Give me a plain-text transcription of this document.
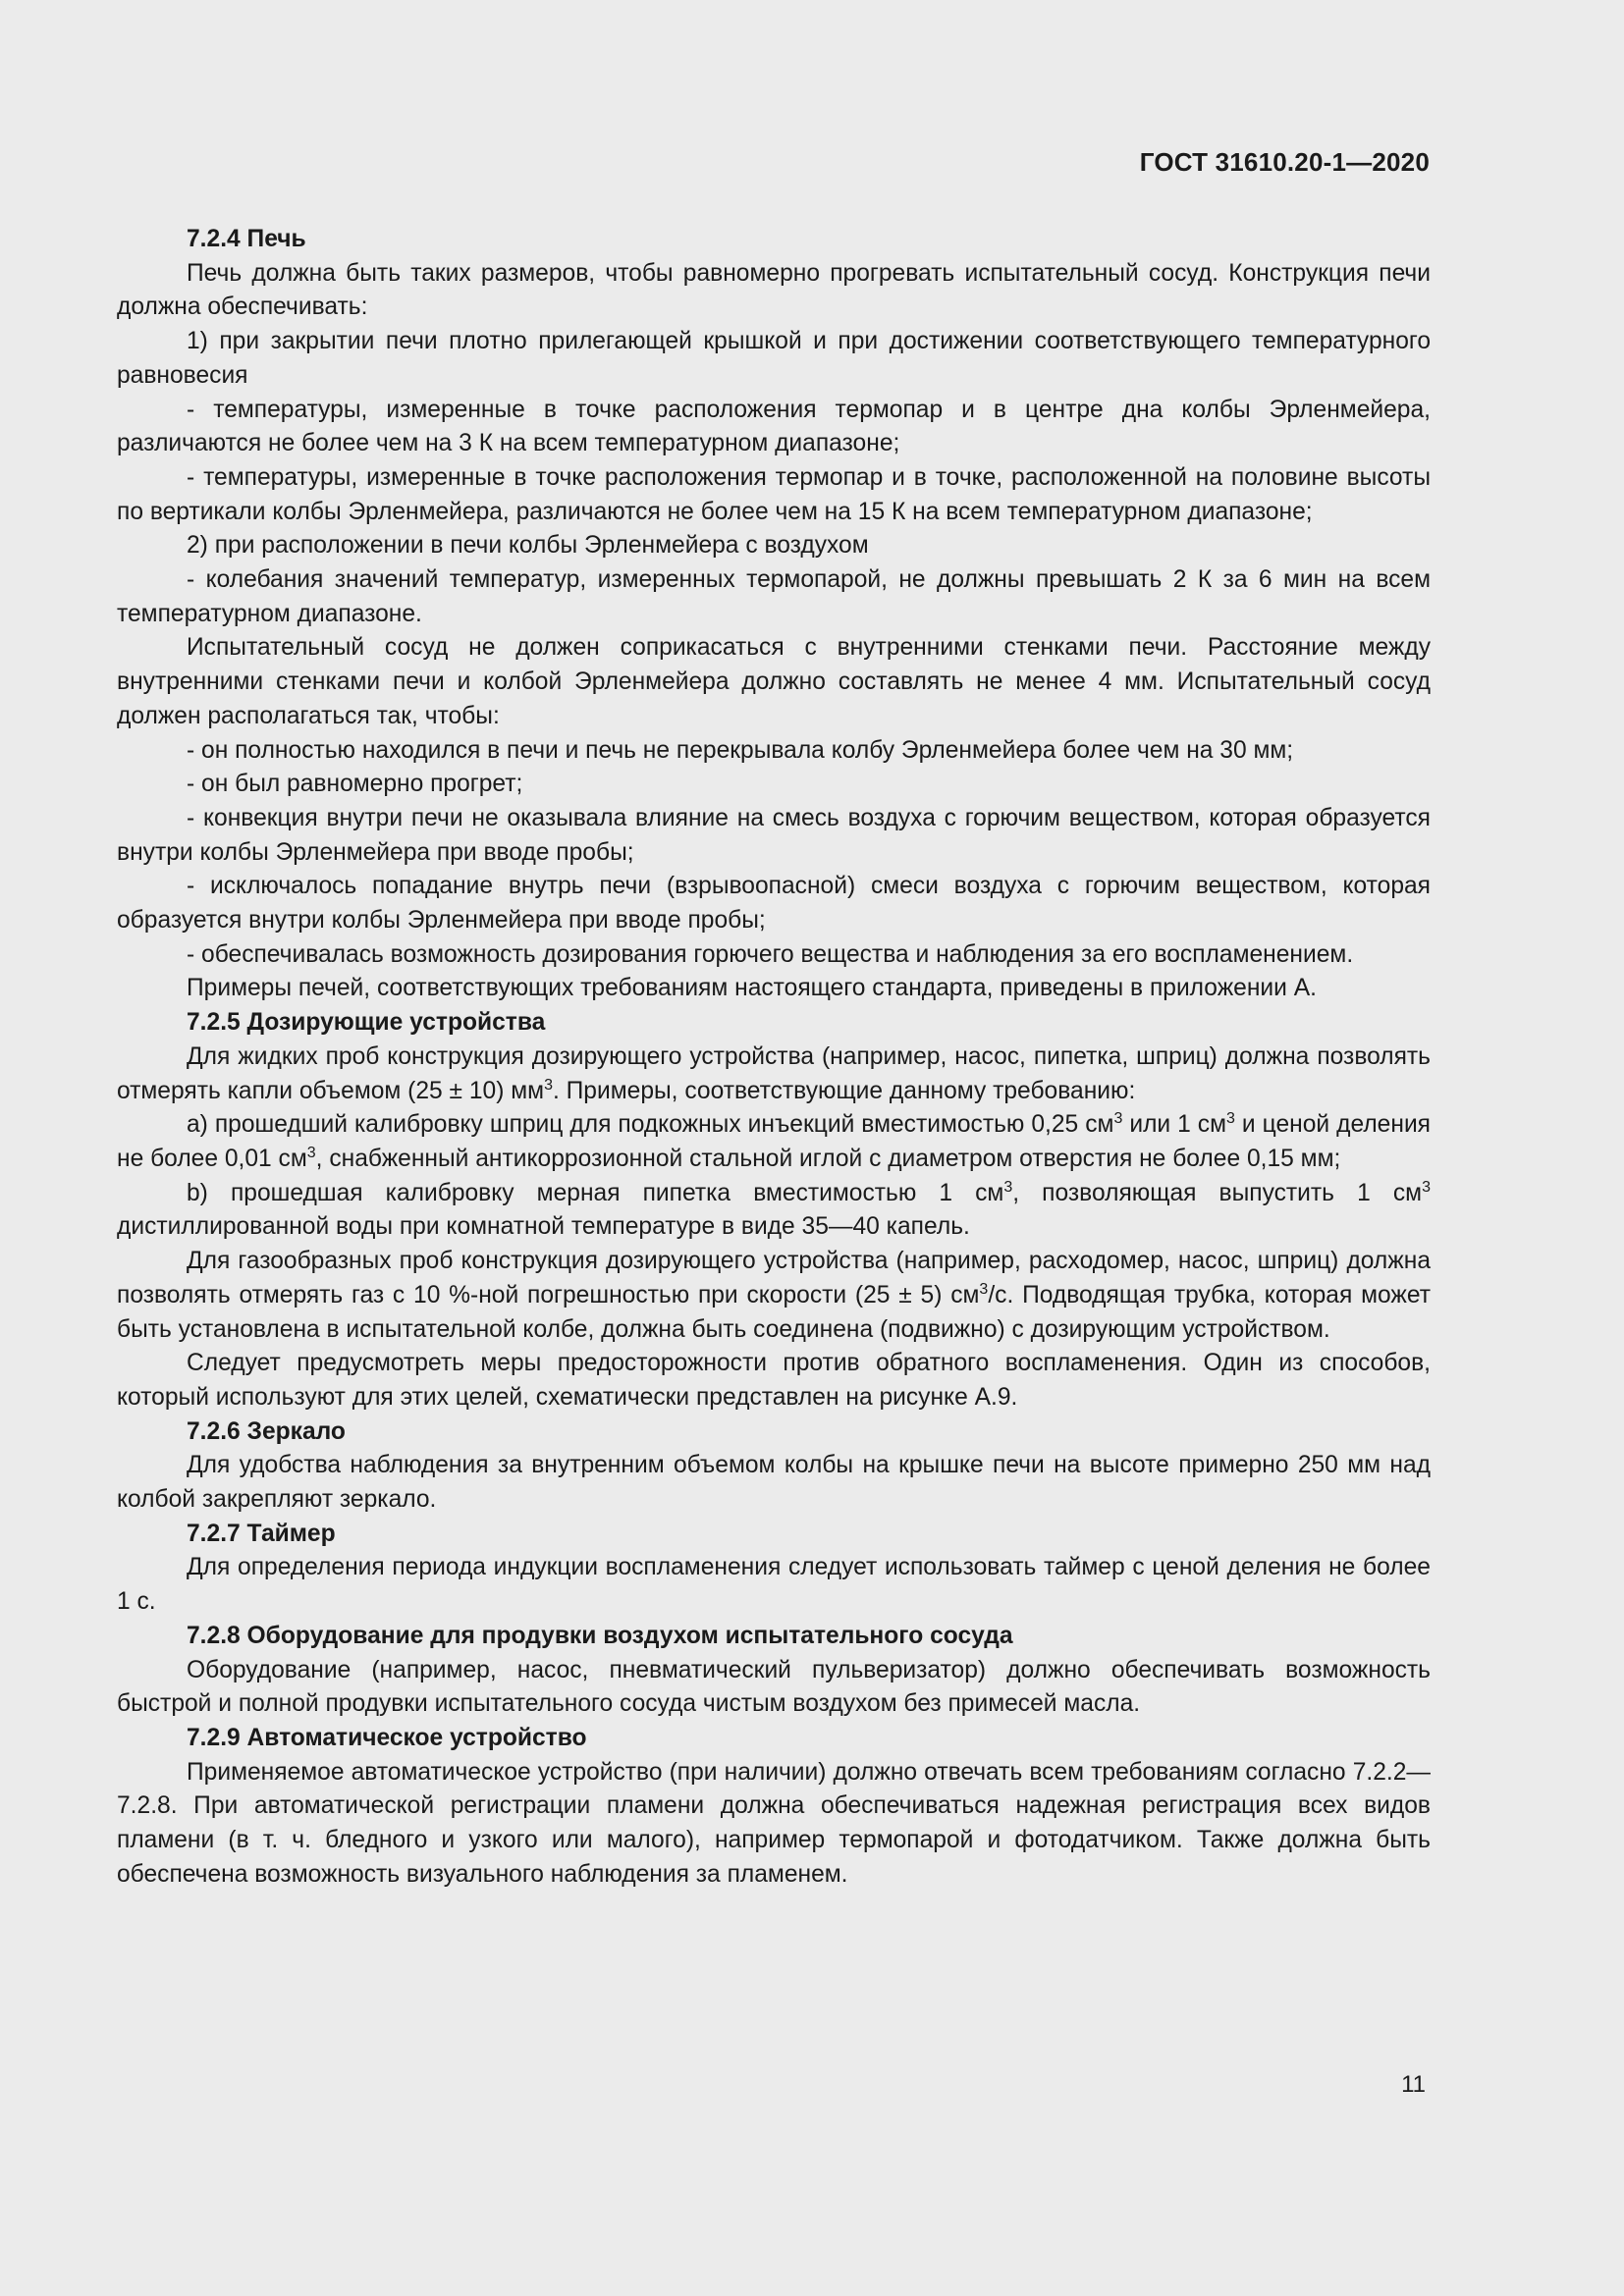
ГОСТ 31610.20-1—2020

7.2.4 Печь

Печь должна быть таких размеров, чтобы равномерно прогревать испытательный сосуд. Конструкция печи должна обеспечивать:

1) при закрытии печи плотно прилегающей крышкой и при достижении соответствующего температурного равновесия

- температуры, измеренные в точке расположения термопар и в центре дна колбы Эрленмейера, различаются не более чем на 3 К на всем температурном диапазоне;

- температуры, измеренные в точке расположения термопар и в точке, расположенной на половине высоты по вертикали колбы Эрленмейера, различаются не более чем на 15 К на всем температурном диапазоне;

2) при расположении в печи колбы Эрленмейера с воздухом

- колебания значений температур, измеренных термопарой, не должны превышать 2 К за 6 мин на всем температурном диапазоне.

Испытательный сосуд не должен соприкасаться с внутренними стенками печи. Расстояние между внутренними стенками печи и колбой Эрленмейера должно составлять не менее 4 мм. Испытательный сосуд должен располагаться так, чтобы:

- он полностью находился в печи и печь не перекрывала колбу Эрленмейера более чем на 30 мм;

- он был равномерно прогрет;

- конвекция внутри печи не оказывала влияние на смесь воздуха с горючим веществом, которая образуется внутри колбы Эрленмейера при вводе пробы;

- исключалось попадание внутрь печи (взрывоопасной) смеси воздуха с горючим веществом, которая образуется внутри колбы Эрленмейера при вводе пробы;

- обеспечивалась возможность дозирования горючего вещества и наблюдения за его воспламенением.

Примеры печей, соответствующих требованиям настоящего стандарта, приведены в приложении А.

7.2.5 Дозирующие устройства

Для жидких проб конструкция дозирующего устройства (например, насос, пипетка, шприц) должна позволять отмерять капли объемом (25 ± 10) $мм^3$. Примеры, соответствующие данному требованию:

а) прошедший калибровку шприц для подкожных инъекций вместимостью 0,25 $см^3$ или 1 $см^3$ и ценой деления не более 0,01 $см^3$, снабженный антикоррозионной стальной иглой с диаметром отверстия не более 0,15 мм;

b) прошедшая калибровку мерная пипетка вместимостью 1 $см^3$, позволяющая выпустить 1 $см^3$ дистиллированной воды при комнатной температуре в виде 35—40 капель.

Для газообразных проб конструкция дозирующего устройства (например, расходомер, насос, шприц) должна позволять отмерять газ с 10 %-ной погрешностью при скорости (25 ± 5) $см^3/с$. Подводящая трубка, которая может быть установлена в испытательной колбе, должна быть соединена (подвижно) с дозирующим устройством.

Следует предусмотреть меры предосторожности против обратного воспламенения. Один из способов, который используют для этих целей, схематически представлен на рисунке А.9.

7.2.6 Зеркало

Для удобства наблюдения за внутренним объемом колбы на крышке печи на высоте примерно 250 мм над колбой закрепляют зеркало.

7.2.7 Таймер

Для определения периода индукции воспламенения следует использовать таймер с ценой деления не более 1 с.

7.2.8 Оборудование для продувки воздухом испытательного сосуда

Оборудование (например, насос, пневматический пульверизатор) должно обеспечивать возможность быстрой и полной продувки испытательного сосуда чистым воздухом без примесей масла.

7.2.9 Автоматическое устройство

Применяемое автоматическое устройство (при наличии) должно отвечать всем требованиям согласно 7.2.2—7.2.8. При автоматической регистрации пламени должна обеспечиваться надежная регистрация всех видов пламени (в т. ч. бледного и узкого или малого), например термопарой и фотодатчиком. Также должна быть обеспечена возможность визуального наблюдения за пламенем.

11
